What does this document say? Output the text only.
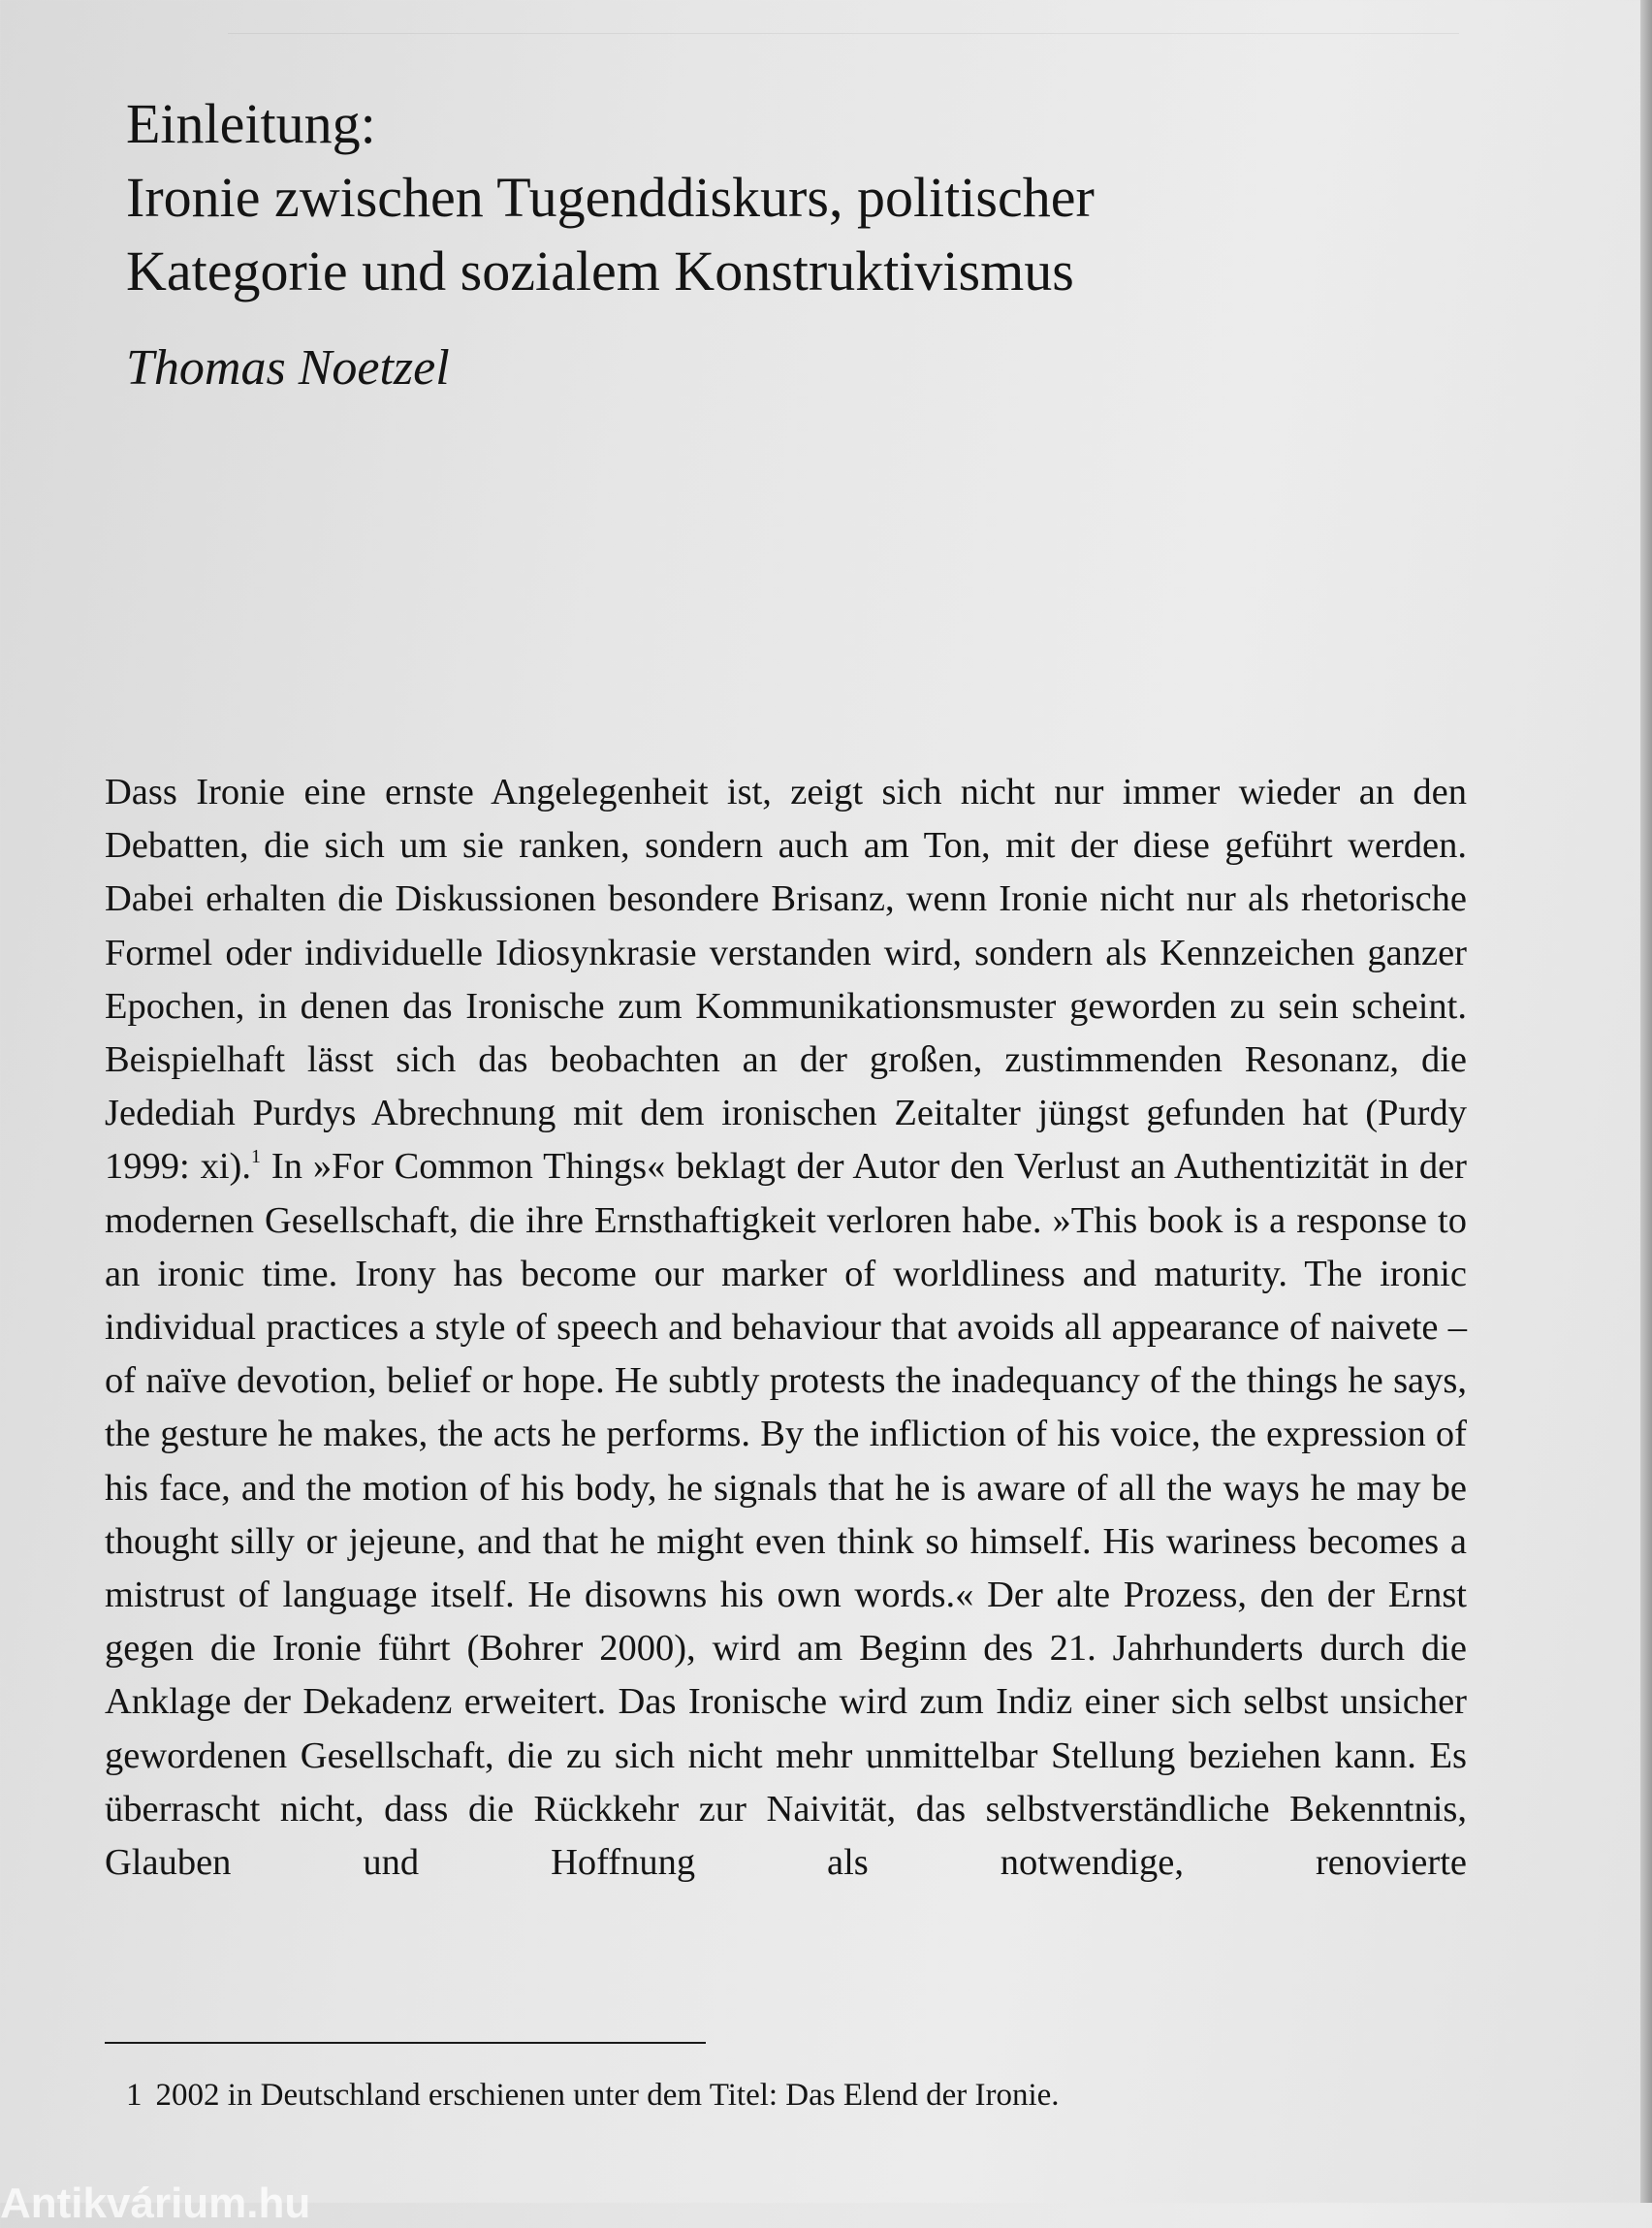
Einleitung:
Ironie zwischen Tugenddiskurs, politischer
Kategorie und sozialem Konstruktivismus
Thomas Noetzel
Dass Ironie eine ernste Angelegenheit ist, zeigt sich nicht nur immer wieder an den Debatten, die sich um sie ranken, sondern auch am Ton, mit der diese geführt werden. Dabei erhalten die Diskussionen besondere Brisanz, wenn Ironie nicht nur als rhetorische Formel oder individuelle Idiosynkrasie verstanden wird, sondern als Kennzeichen ganzer Epochen, in denen das Ironische zum Kommunikationsmuster geworden zu sein scheint. Beispielhaft lässt sich das beobachten an der großen, zustimmenden Resonanz, die Jedediah Purdys Abrechnung mit dem ironischen Zeitalter jüngst gefunden hat (Purdy 1999: xi).$^1$ In »For Common Things« beklagt der Autor den Verlust an Authentizität in der modernen Gesellschaft, die ihre Ernsthaftigkeit verloren habe. »This book is a response to an ironic time. Irony has become our marker of worldliness and maturity. The ironic individual practices a style of speech and behaviour that avoids all appearance of naivete – of naïve devotion, belief or hope. He subtly protests the inadequancy of the things he says, the gesture he makes, the acts he performs. By the infliction of his voice, the expression of his face, and the motion of his body, he signals that he is aware of all the ways he may be thought silly or jejeune, and that he might even think so himself. His wariness becomes a mistrust of language itself. He disowns his own words.« Der alte Prozess, den der Ernst gegen die Ironie führt (Bohrer 2000), wird am Beginn des 21. Jahrhunderts durch die Anklage der Dekadenz erweitert. Das Ironische wird zum Indiz einer sich selbst unsicher gewordenen Gesellschaft, die zu sich nicht mehr unmittelbar Stellung beziehen kann. Es überrascht nicht, dass die Rückkehr zur Naivität, das selbstverständliche Bekenntnis, Glauben und Hoffnung als notwendige, renovierte
1 2002 in Deutschland erschienen unter dem Titel: Das Elend der Ironie.
Antikvárium.hu
